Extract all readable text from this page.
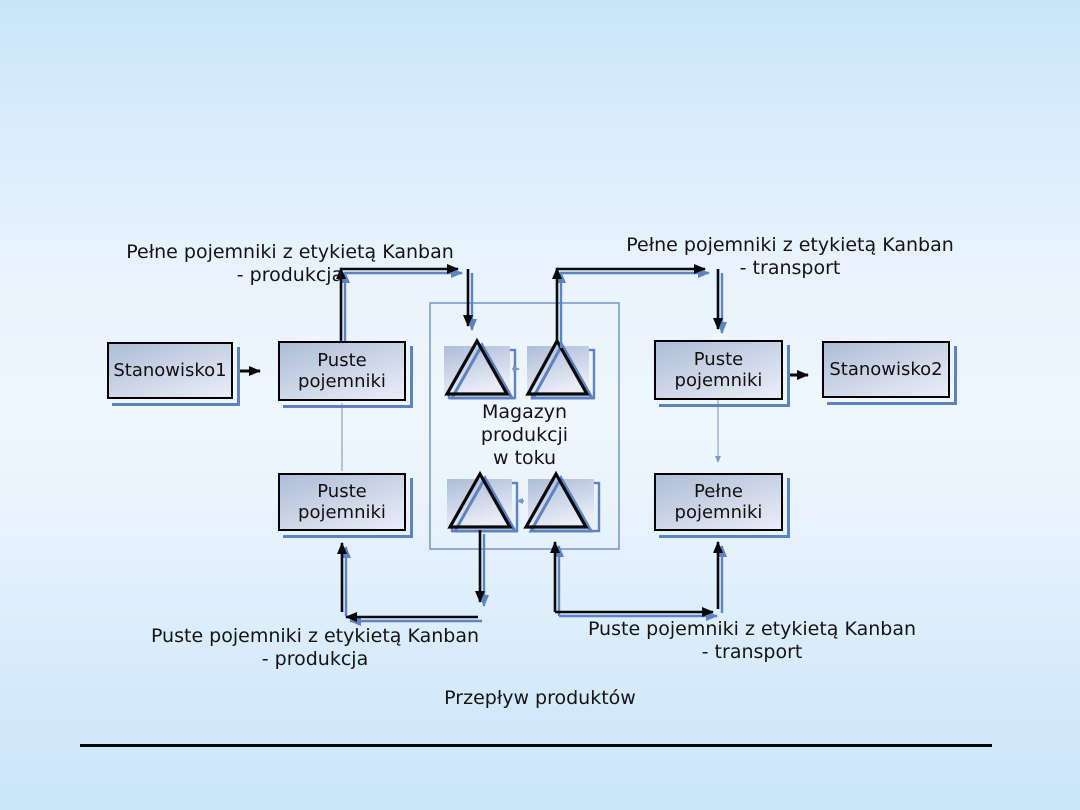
Pełne pojemniki z etykietą Kanban
- produkcja
Pełne pojemniki z etykietą Kanban
- transport
Puste pojemniki z etykietą Kanban
- produkcja
Puste pojemniki z etykietą Kanban
- transport
Stanowisko1	Puste
pojemniki
Puste
pojemniki
Puste
pojemniki
Pełne
pojemniki
Stanowisko2
Magazyn
produkcji
w toku
Przepływ produktów
